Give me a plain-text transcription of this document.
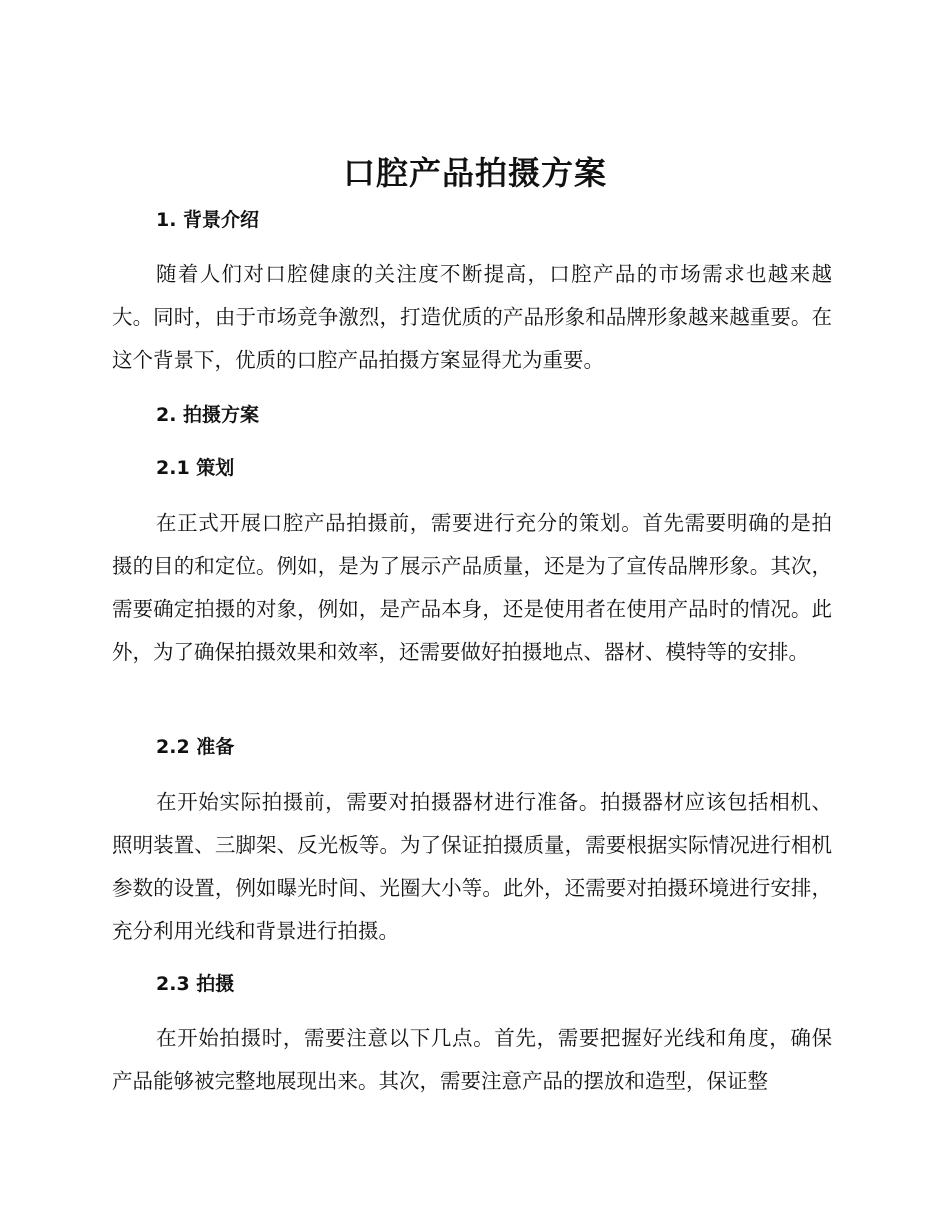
口腔产品拍摄方案
1. 背景介绍

随着人们对口腔健康的关注度不断提高，口腔产品的市场需求也越来越大。同时，由于市场竞争激烈，打造优质的产品形象和品牌形象越来越重要。在这个背景下，优质的口腔产品拍摄方案显得尤为重要。

2. 拍摄方案
2.1 策划

在正式开展口腔产品拍摄前，需要进行充分的策划。首先需要明确的是拍摄的目的和定位。例如，是为了展示产品质量，还是为了宣传品牌形象。其次，需要确定拍摄的对象，例如，是产品本身，还是使用者在使用产品时的情况。此外，为了确保拍摄效果和效率，还需要做好拍摄地点、器材、模特等的安排。

2.2 准备

在开始实际拍摄前，需要对拍摄器材进行准备。拍摄器材应该包括相机、照明装置、三脚架、反光板等。为了保证拍摄质量，需要根据实际情况进行相机参数的设置，例如曝光时间、光圈大小等。此外，还需要对拍摄环境进行安排，充分利用光线和背景进行拍摄。

2.3 拍摄

在开始拍摄时，需要注意以下几点。首先，需要把握好光线和角度，确保产品能够被完整地展现出来。其次，需要注意产品的摆放和造型，保证整
